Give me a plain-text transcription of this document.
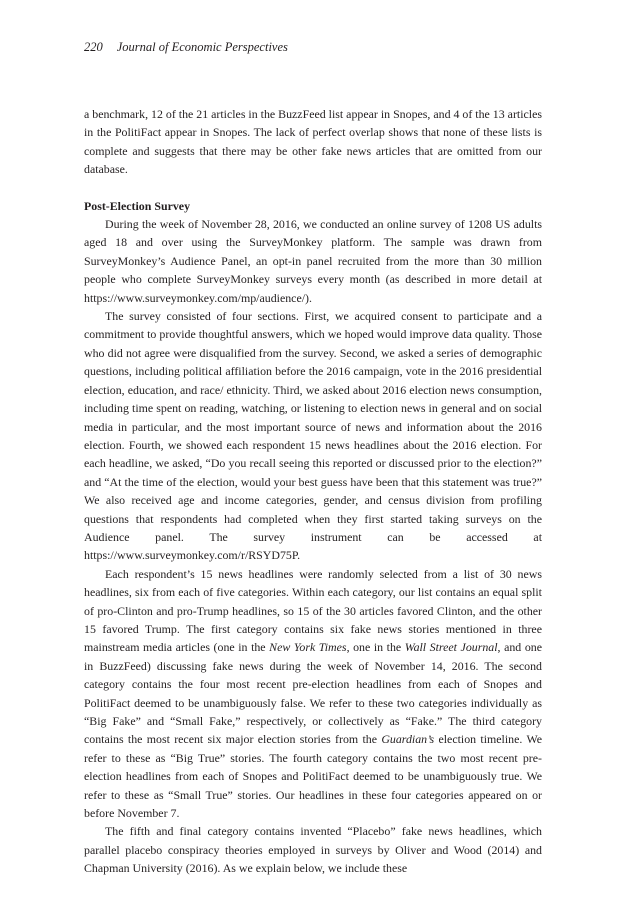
220 Journal of Economic Perspectives

a benchmark, 12 of the 21 articles in the BuzzFeed list appear in Snopes, and 4 of the 13 articles in the PolitiFact appear in Snopes. The lack of perfect overlap shows that none of these lists is complete and suggests that there may be other fake news articles that are omitted from our database.

Post-Election Survey

During the week of November 28, 2016, we conducted an online survey of 1208 US adults aged 18 and over using the SurveyMonkey platform. The sample was drawn from SurveyMonkey’s Audience Panel, an opt-in panel recruited from the more than 30 million people who complete SurveyMonkey surveys every month (as described in more detail at https://www.surveymonkey.com/mp/audience/).

The survey consisted of four sections. First, we acquired consent to participate and a commitment to provide thoughtful answers, which we hoped would improve data quality. Those who did not agree were disqualified from the survey. Second, we asked a series of demographic questions, including political affiliation before the 2016 campaign, vote in the 2016 presidential election, education, and race/ ethnicity. Third, we asked about 2016 election news consumption, including time spent on reading, watching, or listening to election news in general and on social media in particular, and the most important source of news and information about the 2016 election. Fourth, we showed each respondent 15 news headlines about the 2016 election. For each headline, we asked, “Do you recall seeing this reported or discussed prior to the election?” and “At the time of the election, would your best guess have been that this statement was true?” We also received age and income categories, gender, and census division from profiling questions that respondents had completed when they first started taking surveys on the Audience panel. The survey instrument can be accessed at https://www.surveymonkey.com/r/RSYD75P.

Each respondent’s 15 news headlines were randomly selected from a list of 30 news headlines, six from each of five categories. Within each category, our list contains an equal split of pro-Clinton and pro-Trump headlines, so 15 of the 30 articles favored Clinton, and the other 15 favored Trump. The first category contains six fake news stories mentioned in three mainstream media articles (one in the New York Times, one in the Wall Street Journal, and one in BuzzFeed) discussing fake news during the week of November 14, 2016. The second category contains the four most recent pre-election headlines from each of Snopes and PolitiFact deemed to be unambiguously false. We refer to these two categories individually as “Big Fake” and “Small Fake,” respectively, or collectively as “Fake.” The third category contains the most recent six major election stories from the Guardian’s election timeline. We refer to these as “Big True” stories. The fourth category contains the two most recent pre-election headlines from each of Snopes and PolitiFact deemed to be unambiguously true. We refer to these as “Small True” stories. Our headlines in these four categories appeared on or before November 7.

The fifth and final category contains invented “Placebo” fake news headlines, which parallel placebo conspiracy theories employed in surveys by Oliver and Wood (2014) and Chapman University (2016). As we explain below, we include these
